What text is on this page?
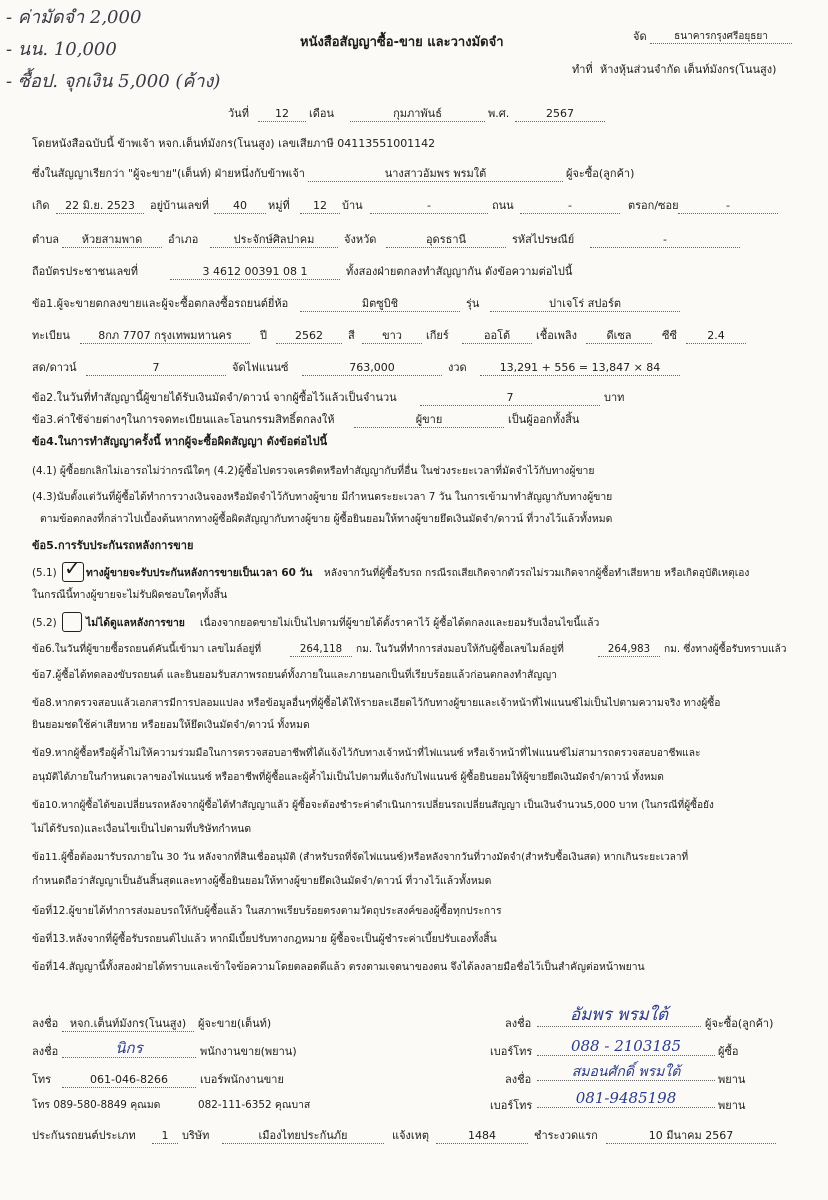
- ค่ามัดจำ 2,000
- นน. 10,000
- ซื้อป. จุกเงิน 5,000 (ค้าง)
หนังสือสัญญาซื้อ-ขาย และวางมัดจำ	จัด	ธนาคารกรุงศรีอยุธยา
ทำที่ ห้างหุ้นส่วนจำกัด เต็นท์มังกร(โนนสูง)
วันที่	12	เดือน	กุมภาพันธ์	พ.ศ.	2567
โดยหนังสือฉบับนี้ ข้าพเจ้า หจก.เต็นท์มังกร(โนนสูง) เลขเสียภาษี 04113551001142
ซึ่งในสัญญาเรียกว่า "ผู้จะขาย"(เต็นท์) ฝ่ายหนึ่งกับข้าพเจ้า	นางสาวอัมพร พรมใต้	ผู้จะซื้อ(ลูกค้า)
เกิด	22 มิ.ย. 2523	อยู่บ้านเลขที่	40	หมู่ที่	12	บ้าน	-	ถนน	-	ตรอก/ซอย	-
ตำบล	ห้วยสามพาด	อำเภอ	ประจักษ์ศิลปาคม	จังหวัด	อุดรธานี	รหัสไปรษณีย์	-
ถือบัตรประชาชนเลขที่	3 4612 00391 08 1	ทั้งสองฝ่ายตกลงทำสัญญากัน ดังข้อความต่อไปนี้
ข้อ1.ผู้จะขายตกลงขายและผู้จะซื้อตกลงซื้อรถยนต์ยี่ห้อ	มิตซูบิชิ	รุ่น	ปาเจโร่ สปอร์ต
ทะเบียน	8กภ 7707 กรุงเทพมหานคร	ปี	2562	สี	ขาว	เกียร์	ออโต้	เชื้อเพลิง	ดีเซล	ซีซี	2.4
สด/ดาวน์	7	จัดไฟแนนซ์	763,000	งวด	13,291 + 556 = 13,847 × 84
ข้อ2.ในวันที่ทำสัญญานี้ผู้ขายได้รับเงินมัดจำ/ดาวน์ จากผู้ซื้อไว้แล้วเป็นจำนวน	7	บาท
ข้อ3.ค่าใช้จ่ายต่างๆในการจดทะเบียนและโอนกรรมสิทธิ์ตกลงให้	ผู้ขาย	เป็นผู้ออกทั้งสิ้น
ข้อ4.ในการทำสัญญาครั้งนี้ หากผู้จะซื้อผิดสัญญา ดังข้อต่อไปนี้
(4.1) ผู้ซื้อยกเลิกไม่เอารถไม่ว่ากรณีใดๆ (4.2)ผู้ซื้อไปตรวจเครดิตหรือทำสัญญากับที่อื่น ในช่วงระยะเวลาที่มัดจำไว้กับทางผู้ขาย
(4.3)นับตั้งแต่วันที่ผู้ซื้อได้ทำการวางเงินจองหรือมัดจำไว้กับทางผู้ขาย มีกำหนดระยะเวลา 7 วัน ในการเข้ามาทำสัญญากับทางผู้ขาย
ตามข้อตกลงที่กล่าวไปเบื้องต้นหากทางผู้ซื้อผิดสัญญากับทางผู้ขาย ผู้ซื้อยินยอมให้ทางผู้ขายยึดเงินมัดจำ/ดาวน์ ที่วางไว้แล้วทั้งหมด
ข้อ5.การรับประกันรถหลังการขาย
(5.1) ✓ ทางผู้ขายจะรับประกันหลังการขายเป็นเวลา 60 วัน หลังจากวันที่ผู้ซื้อรับรถ กรณีรถเสียเกิดจากตัวรถไม่รวมเกิดจากผู้ซื้อทำเสียหาย หรือเกิดอุบัติเหตุเอง
ในกรณีนี้ทางผู้ขายจะไม่รับผิดชอบใดๆทั้งสิ้น
(5.2)	ไม่ได้ดูแลหลังการขาย เนื่องจากยอดขายไม่เป็นไปตามที่ผู้ขายได้ตั้งราคาไว้ ผู้ซื้อได้ตกลงและยอมรับเงื่อนไขนี้แล้ว
ข้อ6.ในวันที่ผู้ขายซื้อรถยนต์คันนี้เข้ามา เลขไมล์อยู่ที่	264,118	กม. ในวันที่ทำการส่งมอบให้กับผู้ซื้อเลขไมล์อยู่ที่	264,983	กม. ซึ่งทางผู้ซื้อรับทราบแล้ว
ข้อ7.ผู้ซื้อได้ทดลองขับรถยนต์ และยินยอมรับสภาพรถยนต์ทั้งภายในและภายนอกเป็นที่เรียบร้อยแล้วก่อนตกลงทำสัญญา
ข้อ8.หากตรวจสอบแล้วเอกสารมีการปลอมแปลง หรือข้อมูลอื่นๆที่ผู้ซื้อได้ให้รายละเอียดไว้กับทางผู้ขายและเจ้าหน้าที่ไฟแนนซ์ไม่เป็นไปตามความจริง ทางผู้ซื้อ
ยินยอมชดใช้ค่าเสียหาย หรือยอมให้ยึดเงินมัดจำ/ดาวน์ ทั้งหมด
ข้อ9.หากผู้ซื้อหรือผู้ค้ำไม่ให้ความร่วมมือในการตรวจสอบอาชีพที่ได้แจ้งไว้กับทางเจ้าหน้าที่ไฟแนนซ์ หรือเจ้าหน้าที่ไฟแนนซ์ไม่สามารถตรวจสอบอาชีพและ
อนุมัติได้ภายในกำหนดเวลาของไฟแนนซ์ หรืออาชีพที่ผู้ซื้อและผู้ค้ำไม่เป็นไปตามที่แจ้งกับไฟแนนซ์ ผู้ซื้อยินยอมให้ผู้ขายยึดเงินมัดจำ/ดาวน์ ทั้งหมด
ข้อ10.หากผู้ซื้อได้ขอเปลี่ยนรถหลังจากผู้ซื้อได้ทำสัญญาแล้ว ผู้ซื้อจะต้องชำระค่าดำเนินการเปลี่ยนรถเปลี่ยนสัญญา เป็นเงินจำนวน5,000 บาท (ในกรณีที่ผู้ซื้อยัง
ไม่ได้รับรถ)และเงื่อนไขเป็นไปตามที่บริษัทกำหนด
ข้อ11.ผู้ซื้อต้องมารับรถภายใน 30 วัน หลังจากที่สินเชื่ออนุมัติ (สำหรับรถที่จัดไฟแนนซ์)หรือหลังจากวันที่วางมัดจำ(สำหรับซื้อเงินสด) หากเกินระยะเวลาที่
กำหนดถือว่าสัญญาเป็นอันสิ้นสุดและทางผู้ซื้อยินยอมให้ทางผู้ขายยึดเงินมัดจำ/ดาวน์ ที่วางไว้แล้วทั้งหมด
ข้อที่12.ผู้ขายได้ทำการส่งมอบรถให้กับผู้ซื้อแล้ว ในสภาพเรียบร้อยตรงตามวัตถุประสงค์ของผู้ซื้อทุกประการ
ข้อที่13.หลังจากที่ผู้ซื้อรับรถยนต์ไปแล้ว หากมีเบี้ยปรับทางกฎหมาย ผู้ซื้อจะเป็นผู้ชำระค่าเบี้ยปรับเองทั้งสิ้น
ข้อที่14.สัญญานี้ทั้งสองฝ่ายได้ทราบและเข้าใจข้อความโดยตลอดดีแล้ว ตรงตามเจตนาของตน จึงได้ลงลายมือชื่อไว้เป็นสำคัญต่อหน้าพยาน
ลงชื่อ	หจก.เต็นท์มังกร(โนนสูง)	ผู้จะขาย(เต็นท์)
ลงชื่อ	นิกร	พนักงานขาย(พยาน)
โทร	061-046-8266	เบอร์พนักงานขาย
โทร 089-580-8849 คุณมด	082-111-6352 คุณบาส
ลงชื่อ	อัมพร พรมใต้	ผู้จะซื้อ(ลูกค้า)
เบอร์โทร	088 - 2103185	ผู้ซื้อ
ลงชื่อ	สมอนศักดิ์ พรมใต้	พยาน
เบอร์โทร	081-9485198	พยาน
ประกันรถยนต์ประเภท	1	บริษัท	เมืองไทยประกันภัย	แจ้งเหตุ	1484	ชำระงวดแรก	10 มีนาคม 2567
